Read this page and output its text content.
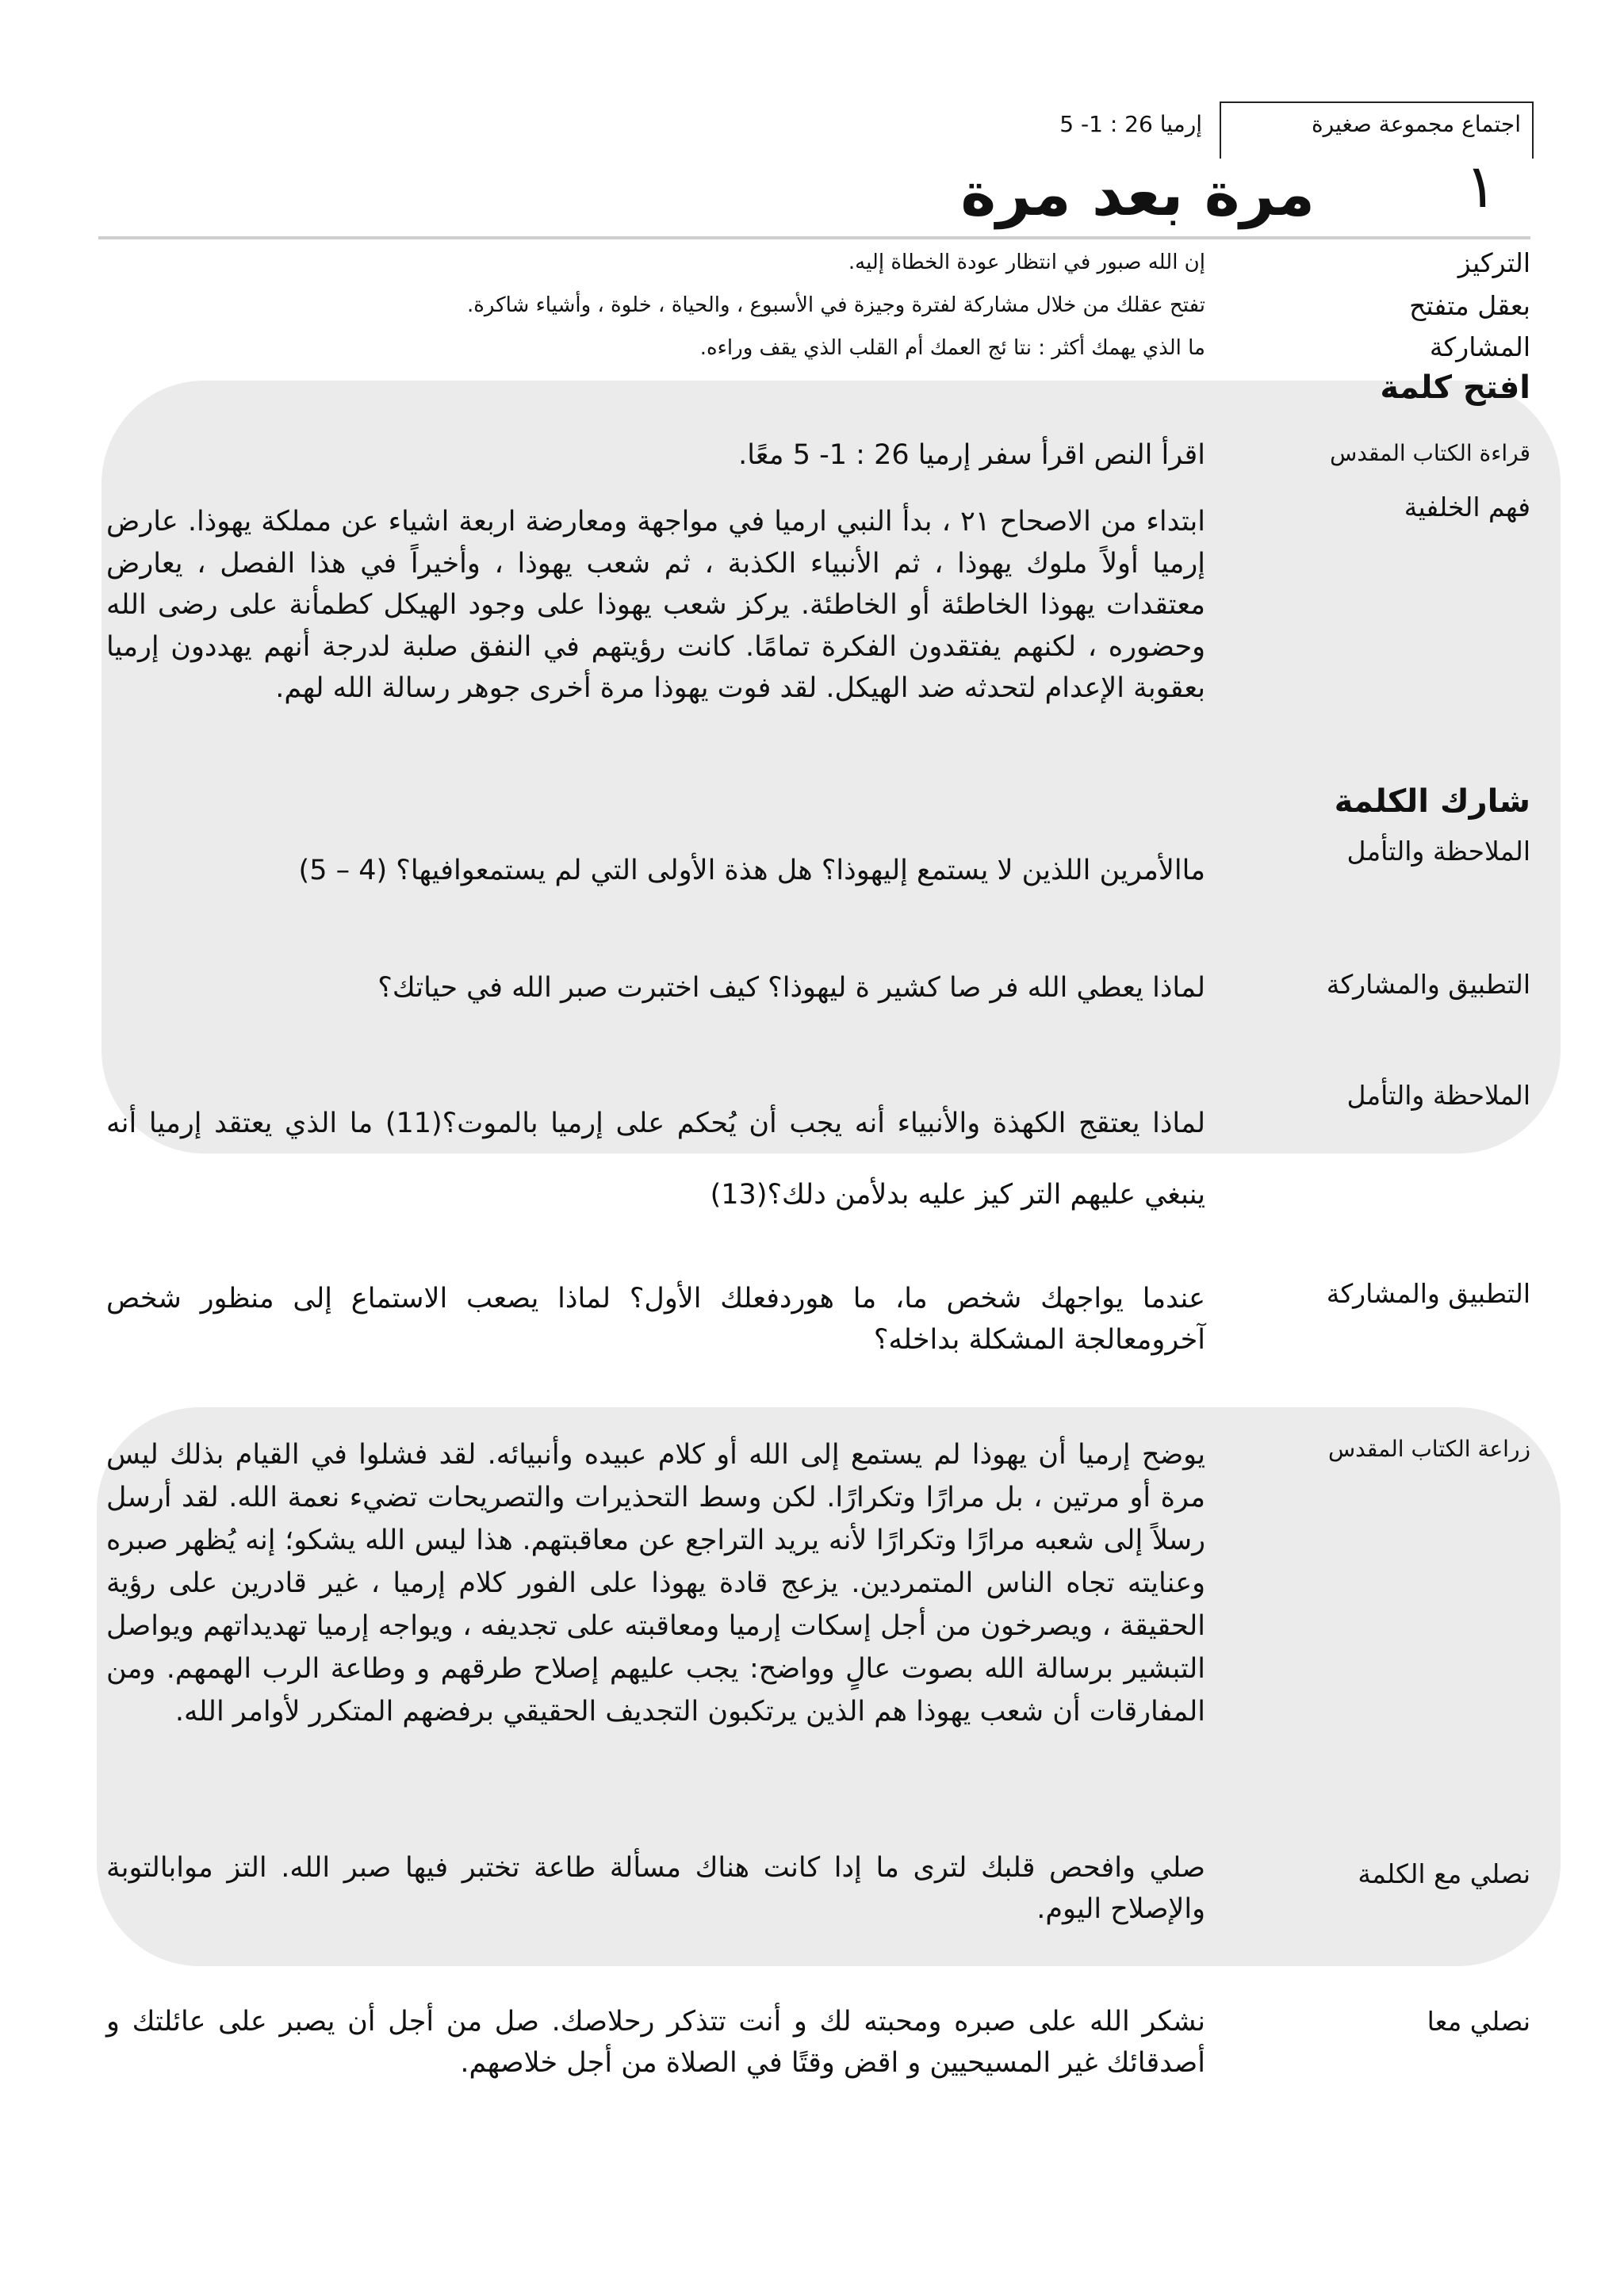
اجتماع مجموعة صغيرة
إرميا 26 : 1- 5
١
مرة بعد مرة
التركيز
إن الله صبور في انتظار عودة الخطاة إليه.
بعقل متفتح
تفتح عقلك من خلال مشاركة لفترة وجيزة في الأسبوع ، والحياة ، خلوة ، وأشياء شاكرة.
المشاركة
ما الذي يهمك أكثر : نتا ئج العمك أم القلب الذي يقف وراءه.
افتح كلمة
قراءة الكتاب المقدس
اقرأ النص اقرأ سفر إرميا 26 : 1- 5 معًا.
فهم الخلفية
ابتداء من الاصحاح ٢١ ، بدأ النبي ارميا في مواجهة ومعارضة اربعة اشياء عن مملكة يهوذا. عارض إرميا أولاً ملوك يهوذا ، ثم الأنبياء الكذبة ، ثم شعب يهوذا ، وأخيراً في هذا الفصل ، يعارض معتقدات يهوذا الخاطئة أو الخاطئة. يركز شعب يهوذا على وجود الهيكل كطمأنة على رضى الله وحضوره ، لكنهم يفتقدون الفكرة تمامًا. كانت رؤيتهم في النفق صلبة لدرجة أنهم يهددون إرميا بعقوبة الإعدام لتحدثه ضد الهيكل. لقد فوت يهوذا مرة أخرى جوهر رسالة الله لهم.
شارك الكلمة
الملاحظة والتأمل
ماالأمرين اللذين لا يستمع إليهوذا؟ هل هذة الأولى التي لم يستمعوافيها؟ (4 – 5)
التطبيق والمشاركة
لماذا يعطي الله فر صا كشير ة ليهوذا؟ كيف اختبرت صبر الله في حياتك؟
الملاحظة والتأمل
لماذا يعتقج الكهذة والأنبياء أنه يجب أن يُحكم على إرميا بالموت؟(11) ما الذي يعتقد إرميا أنه ينبغي عليهم التر كيز عليه بدلأمن دلك؟(13)
التطبيق والمشاركة
عندما يواجهك شخص ما، ما هوردفعلك الأول؟ لماذا يصعب الاستماع إلى منظور شخص آخرومعالجة المشكلة بداخله؟
زراعة الكتاب المقدس
يوضح إرميا أن يهوذا لم يستمع إلى الله أو كلام عبيده وأنبيائه. لقد فشلوا في القيام بذلك ليس مرة أو مرتين ، بل مرارًا وتكرارًا. لكن وسط التحذيرات والتصريحات تضيء نعمة الله. لقد أرسل رسلاً إلى شعبه مرارًا وتكرارًا لأنه يريد التراجع عن معاقبتهم. هذا ليس الله يشكو؛ إنه يُظهر صبره وعنايته تجاه الناس المتمردين. يزعج قادة يهوذا على الفور كلام إرميا ، غير قادرين على رؤية الحقيقة ، ويصرخون من أجل إسكات إرميا ومعاقبته على تجديفه ، ويواجه إرميا تهديداتهم ويواصل التبشير برسالة الله بصوت عالٍ وواضح: يجب عليهم إصلاح طرقهم و وطاعة الرب الهمهم. ومن المفارقات أن شعب يهوذا هم الذين يرتكبون التجديف الحقيقي برفضهم المتكرر لأوامر الله.
نصلي مع الكلمة
صلي وافحص قلبك لترى ما إدا كانت هناك مسألة طاعة تختبر فيها صبر الله. التز موابالتوبة والإصلاح اليوم.
نصلي معا
نشكر الله على صبره ومحبته لك و أنت تتذكر رحلاصك. صل من أجل أن يصبر على عائلتك و أصدقائك غير المسيحيين و اقض وقتًا في الصلاة من أجل خلاصهم.
